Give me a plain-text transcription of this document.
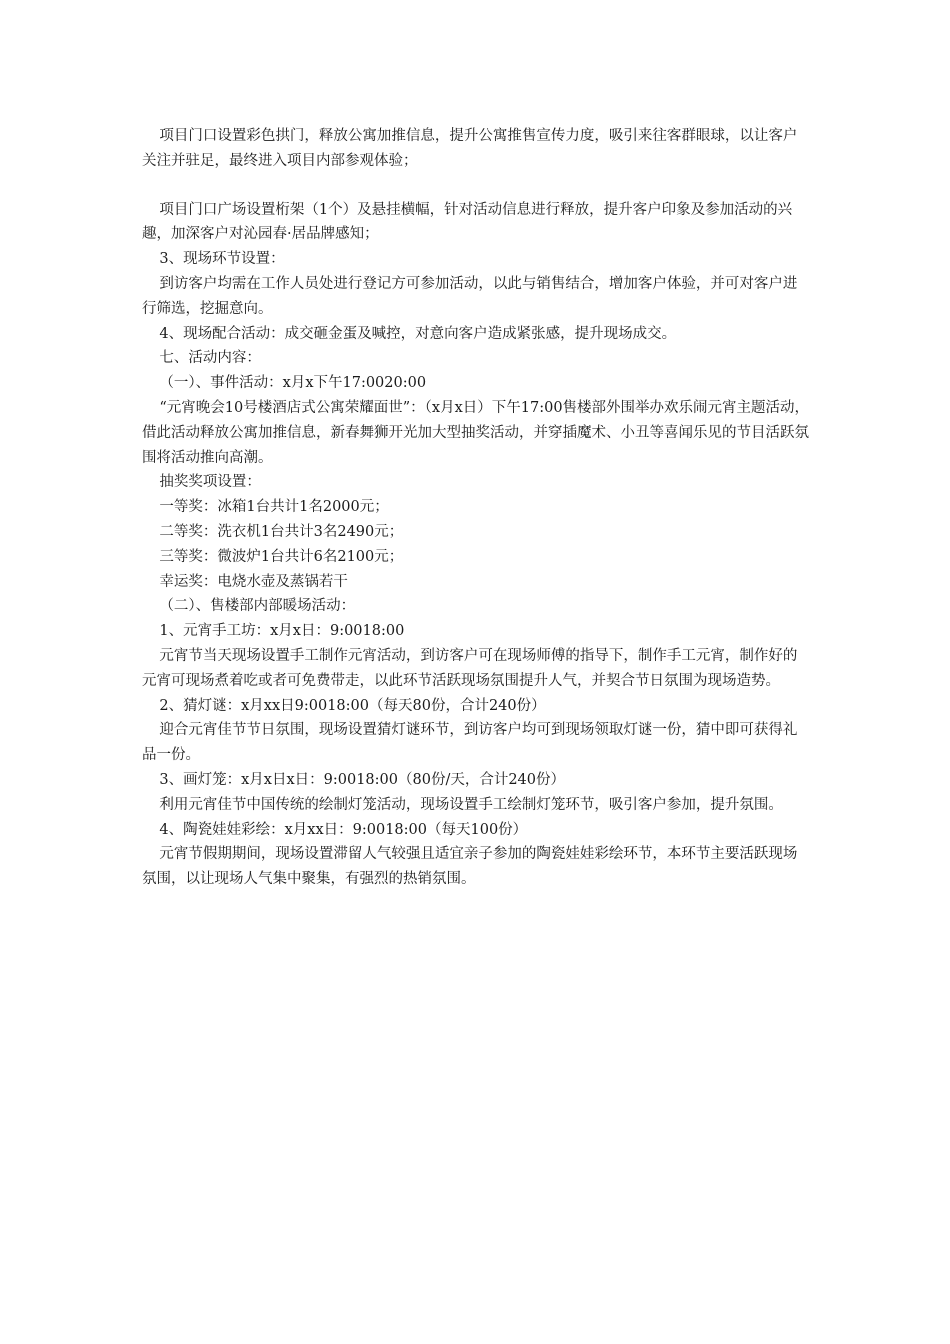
项目门口设置彩色拱门，释放公寓加推信息，提升公寓推售宣传力度，吸引来往客群眼球，以让客户关注并驻足，最终进入项目内部参观体验；

项目门口广场设置桁架（1个）及悬挂横幅，针对活动信息进行释放，提升客户印象及参加活动的兴趣，加深客户对沁园春·居品牌感知；

3、现场环节设置：

到访客户均需在工作人员处进行登记方可参加活动，以此与销售结合，增加客户体验，并可对客户进行筛选，挖掘意向。

4、现场配合活动：成交砸金蛋及喊控，对意向客户造成紧张感，提升现场成交。

七、活动内容：

（一）、事件活动：x月x下午17:0020:00

“元宵晚会10号楼酒店式公寓荣耀面世”：（x月x日）下午17:00售楼部外围举办欢乐闹元宵主题活动，借此活动释放公寓加推信息，新春舞狮开光加大型抽奖活动，并穿插魔术、小丑等喜闻乐见的节目活跃氛围将活动推向高潮。

抽奖奖项设置：

一等奖：冰箱1台共计1名2000元；

二等奖：洗衣机1台共计3名2490元；

三等奖：微波炉1台共计6名2100元；

幸运奖：电烧水壶及蒸锅若干

（二）、售楼部内部暖场活动：

1、元宵手工坊：x月x日：9:0018:00

元宵节当天现场设置手工制作元宵活动，到访客户可在现场师傅的指导下，制作手工元宵，制作好的元宵可现场煮着吃或者可免费带走，以此环节活跃现场氛围提升人气，并契合节日氛围为现场造势。

2、猜灯谜：x月xx日9:0018:00（每天80份，合计240份）

迎合元宵佳节节日氛围，现场设置猜灯谜环节，到访客户均可到现场领取灯谜一份，猜中即可获得礼品一份。

3、画灯笼：x月x日x日：9:0018:00（80份/天，合计240份）

利用元宵佳节中国传统的绘制灯笼活动，现场设置手工绘制灯笼环节，吸引客户参加，提升氛围。

4、陶瓷娃娃彩绘：x月xx日：9:0018:00（每天100份）

元宵节假期期间，现场设置滞留人气较强且适宜亲子参加的陶瓷娃娃彩绘环节，本环节主要活跃现场氛围，以让现场人气集中聚集，有强烈的热销氛围。
